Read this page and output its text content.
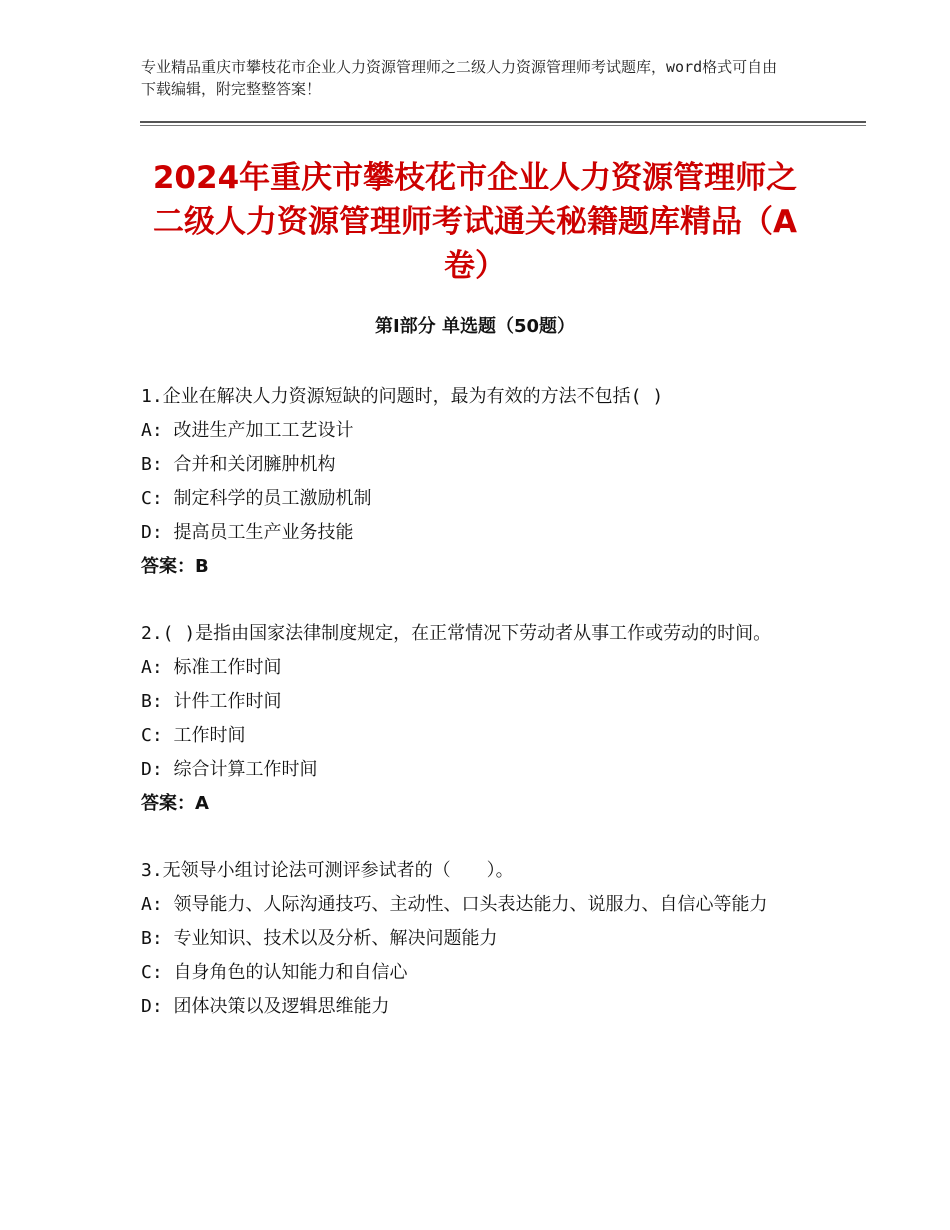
专业精品重庆市攀枝花市企业人力资源管理师之二级人力资源管理师考试题库，word格式可自由下载编辑，附完整整答案！
2024年重庆市攀枝花市企业人力资源管理师之二级人力资源管理师考试通关秘籍题库精品（A卷）
第Ⅰ部分 单选题（50题）

1.企业在解决人力资源短缺的问题时，最为有效的方法不包括( )

A: 改进生产加工工艺设计

B: 合并和关闭臃肿机构

C: 制定科学的员工激励机制

D: 提高员工生产业务技能

答案：B

2.( )是指由国家法律制度规定，在正常情况下劳动者从事工作或劳动的时间。

A: 标准工作时间

B: 计件工作时间

C: 工作时间

D: 综合计算工作时间

答案：A

3.无领导小组讨论法可测评参试者的（　　）。

A: 领导能力、人际沟通技巧、主动性、口头表达能力、说服力、自信心等能力

B: 专业知识、技术以及分析、解决问题能力

C: 自身角色的认知能力和自信心

D: 团体决策以及逻辑思维能力
